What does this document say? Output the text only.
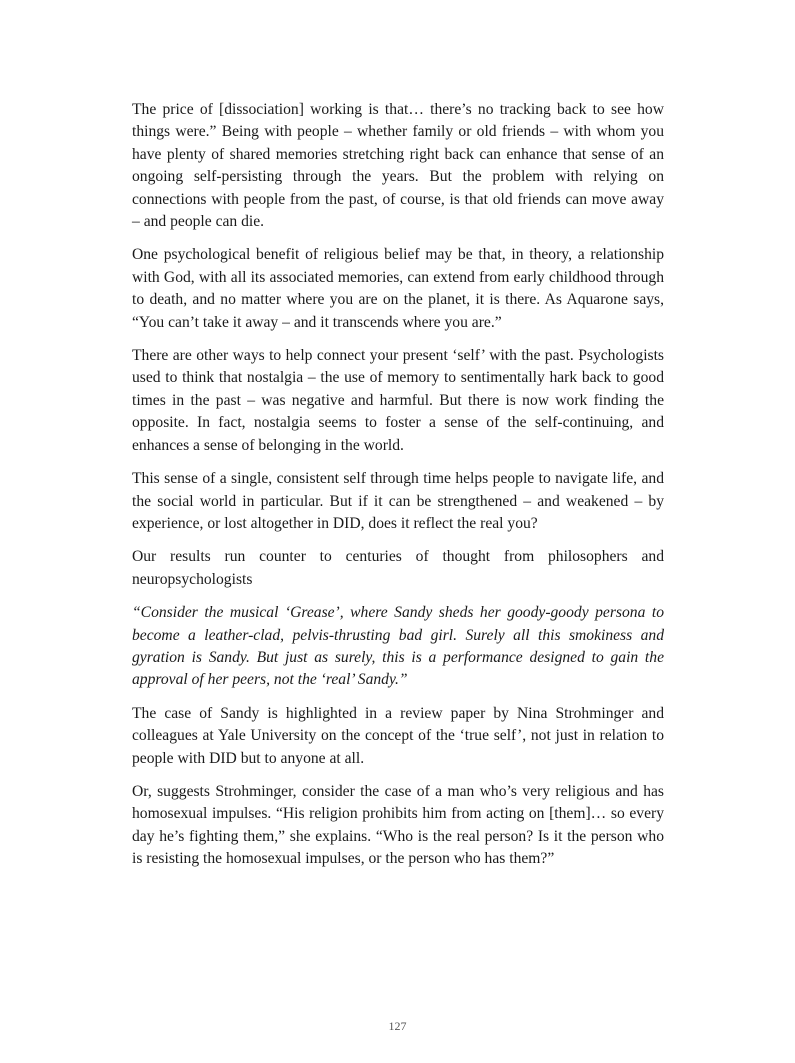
The price of [dissociation] working is that… there’s no tracking back to see how things were.” Being with people – whether family or old friends – with whom you have plenty of shared memories stretching right back can enhance that sense of an ongoing self-persisting through the years. But the problem with relying on connections with people from the past, of course, is that old friends can move away – and people can die.

One psychological benefit of religious belief may be that, in theory, a relationship with God, with all its associated memories, can extend from early childhood through to death, and no matter where you are on the planet, it is there. As Aquarone says, “You can’t take it away – and it transcends where you are.”

There are other ways to help connect your present ‘self’ with the past. Psychologists used to think that nostalgia – the use of memory to sentimentally hark back to good times in the past – was negative and harmful. But there is now work finding the opposite. In fact, nostalgia seems to foster a sense of the self-continuing, and enhances a sense of belonging in the world.

This sense of a single, consistent self through time helps people to navigate life, and the social world in particular. But if it can be strengthened – and weakened – by experience, or lost altogether in DID, does it reflect the real you?

Our results run counter to centuries of thought from philosophers and neuropsychologists

“Consider the musical ‘Grease’, where Sandy sheds her goody-goody persona to become a leather-clad, pelvis-thrusting bad girl. Surely all this smokiness and gyration is Sandy. But just as surely, this is a performance designed to gain the approval of her peers, not the ‘real’ Sandy.”

The case of Sandy is highlighted in a review paper by Nina Strohminger and colleagues at Yale University on the concept of the ‘true self’, not just in relation to people with DID but to anyone at all.

Or, suggests Strohminger, consider the case of a man who’s very religious and has homosexual impulses. “His religion prohibits him from acting on [them]… so every day he’s fighting them,” she explains. “Who is the real person? Is it the person who is resisting the homosexual impulses, or the person who has them?”

127
